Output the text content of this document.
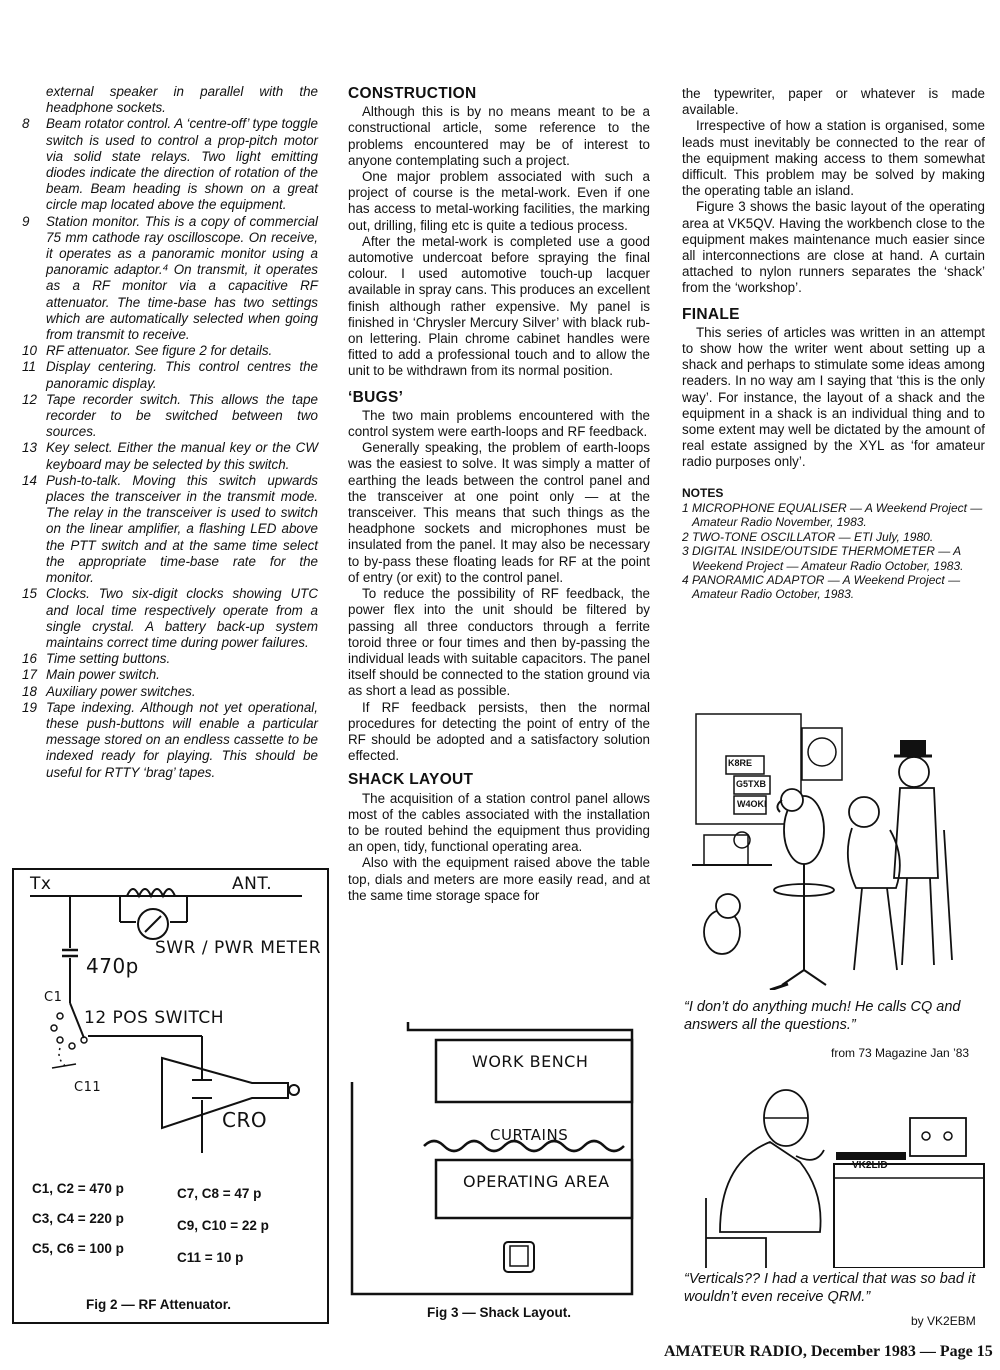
external speaker in parallel with the headphone sockets.
8 Beam rotator control. A ‘centre-off’ type toggle switch is used to control a prop-pitch motor via solid state relays. Two light emitting diodes indicate the direction of rotation of the beam. Beam heading is shown on a great circle map located above the equipment.
9 Station monitor. This is a copy of commercial 75 mm cathode ray oscilloscope. On receive, it operates as a panoramic monitor using a panoramic adaptor.⁴ On transmit, it operates as a RF monitor via a capacitive RF attenuator. The time-base has two settings which are automatically selected when going from transmit to receive.
10 RF attenuator. See figure 2 for details.
11 Display centering. This control centres the panoramic display.
12 Tape recorder switch. This allows the tape recorder to be switched between two sources.
13 Key select. Either the manual key or the CW keyboard may be selected by this switch.
14 Push-to-talk. Moving this switch upwards places the transceiver in the transmit mode. The relay in the transceiver is used to switch on the linear amplifier, a flashing LED above the PTT switch and at the same time select the appropriate time-base rate for the monitor.
15 Clocks. Two six-digit clocks showing UTC and local time respectively operate from a single crystal. A battery back-up system maintains correct time during power failures.
16 Time setting buttons.
17 Main power switch.
18 Auxiliary power switches.
19 Tape indexing. Although not yet operational, these push-buttons will enable a particular message stored on an endless cassette to be indexed ready for playing. This should be useful for RTTY ‘brag’ tapes.
Tx	ANT.
SWR / PWR METER
470p
C1
12 POS SWITCH
C11
CRO
C1, C2 = 470 p
C3, C4 = 220 p
C5, C6 = 100 p
C7, C8 = 47 p
C9, C10 = 22 p
C11 = 10 p
Fig 2 — RF Attenuator.
CONSTRUCTION

Although this is by no means meant to be a constructional article, some reference to the problems encountered may be of interest to anyone contemplating such a project.

One major problem associated with such a project of course is the metal-work. Even if one has access to metal-working facilities, the marking out, drilling, filing etc is quite a tedious process.

After the metal-work is completed use a good automotive undercoat before spraying the final colour. I used automotive touch-up lacquer available in spray cans. This produces an excellent finish although rather expensive. My panel is finished in ‘Chrysler Mercury Silver’ with black rub-on lettering. Plain chrome cabinet handles were fitted to add a professional touch and to allow the unit to be withdrawn from its normal position.

‘BUGS’

The two main problems encountered with the control system were earth-loops and RF feedback.

Generally speaking, the problem of earth-loops was the easiest to solve. It was simply a matter of earthing the leads between the control panel and the transceiver at one point only — at the transceiver. This means that such things as the headphone sockets and microphones must be insulated from the panel. It may also be necessary to by-pass these floating leads for RF at the point of entry (or exit) to the control panel.

To reduce the possibility of RF feedback, the power flex into the unit should be filtered by passing all three conductors through a ferrite toroid three or four times and then by-passing the individual leads with suitable capacitors. The panel itself should be connected to the station ground via as short a lead as possible.

If RF feedback persists, then the normal procedures for detecting the point of entry of the RF should be adopted and a satisfactory solution effected.

SHACK LAYOUT

The acquisition of a station control panel allows most of the cables associated with the installation to be routed behind the equipment thus providing an open, tidy, functional operating area.

Also with the equipment raised above the table top, dials and meters are more easily read, and at the same time storage space for

WORK BENCH
CURTAINS
OPERATING AREA
Fig 3 — Shack Layout.

the typewriter, paper or whatever is made available.

Irrespective of how a station is organised, some leads must inevitably be connected to the rear of the equipment making access to them somewhat difficult. This problem may be solved by making the operating table an island.

Figure 3 shows the basic layout of the operating area at VK5QV. Having the workbench close to the equipment makes maintenance much easier since all interconnections are close at hand. A curtain attached to nylon runners separates the ‘shack’ from the ‘workshop’.

FINALE

This series of articles was written in an attempt to show how the writer went about setting up a shack and perhaps to stimulate some ideas among readers. In no way am I saying that ‘this is the only way’. For instance, the layout of a shack and the equipment in a shack is an individual thing and to some extent may well be dictated by the amount of real estate assigned by the XYL as ‘for amateur radio purposes only’.

NOTES
1 MICROPHONE EQUALISER — A Weekend Project — Amateur Radio November, 1983.
2 TWO-TONE OSCILLATOR — ETI July, 1980.
3 DIGITAL INSIDE/OUTSIDE THERMOMETER — A Weekend Project — Amateur Radio October, 1983.
4 PANORAMIC ADAPTOR — A Weekend Project — Amateur Radio October, 1983.
K8RE
G5TXB
W4OKI
“I don’t do anything much! He calls CQ and answers all the questions.”
from 73 Magazine Jan ’83
VK2LID
“Verticals?? I had a vertical that was so bad it wouldn’t even receive QRM.”
by VK2EBM
AMATEUR RADIO, December 1983 — Page 15
